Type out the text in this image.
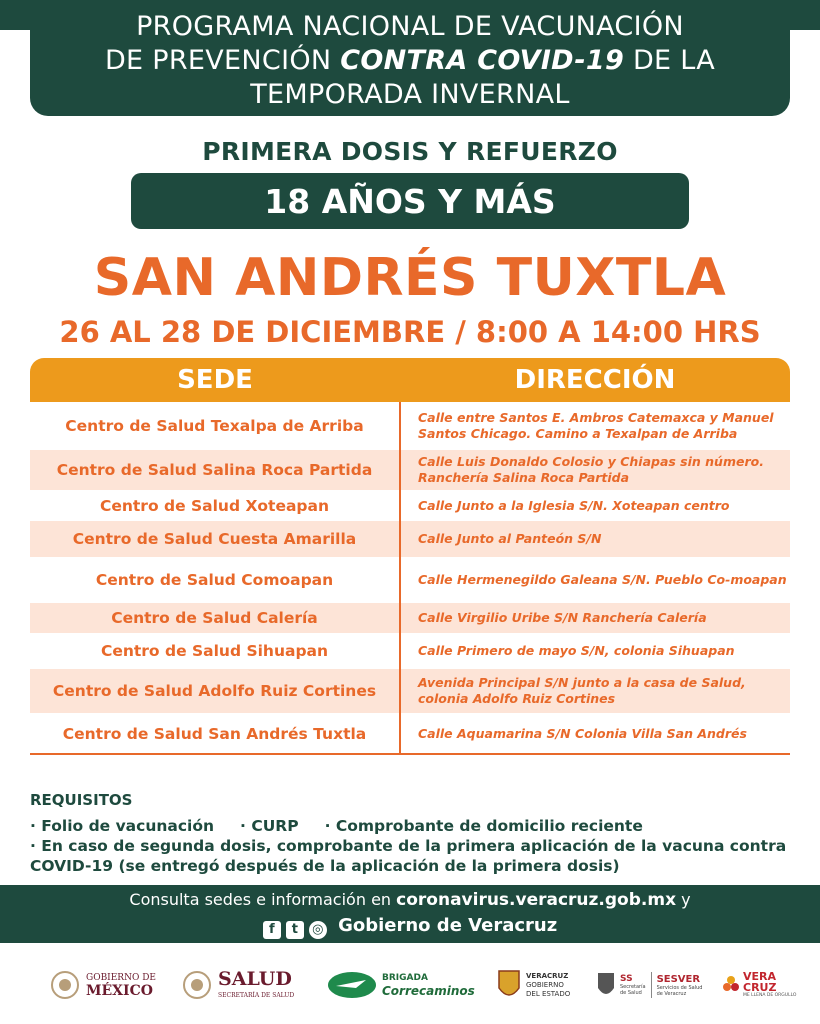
PROGRAMA NACIONAL DE VACUNACIÓN
DE PREVENCIÓN CONTRA COVID-19 DE LA
TEMPORADA INVERNAL
PRIMERA DOSIS Y REFUERZO
18 AÑOS Y MÁS
SAN ANDRÉS TUXTLA
26 AL 28 DE DICIEMBRE / 8:00 A 14:00 HRS
SEDE	DIRECCIÓN
Centro de Salud Texalpa de Arriba	Calle entre Santos E. Ambros Catemaxca y Manuel Santos Chicago. Camino a Texalpan de Arriba
Centro de Salud Salina Roca Partida	Calle Luis Donaldo Colosio y Chiapas sin número. Ranchería Salina Roca Partida
Centro de Salud Xoteapan	Calle Junto a la Iglesia S/N. Xoteapan centro
Centro de Salud Cuesta Amarilla	Calle Junto al Panteón S/N
Centro de Salud Comoapan	Calle Hermenegildo Galeana S/N. Pueblo Co-moapan
Centro de Salud Calería	Calle Virgilio Uribe S/N Ranchería Calería
Centro de Salud Sihuapan	Calle Primero de mayo S/N, colonia Sihuapan
Centro de Salud Adolfo Ruiz Cortines	Avenida Principal S/N junto a la casa de Salud, colonia Adolfo Ruiz Cortines
Centro de Salud San Andrés Tuxtla	Calle Aquamarina S/N Colonia Villa San Andrés
REQUISITOS
· Folio de vacunación · CURP · Comprobante de domicilio reciente
· En caso de segunda dosis, comprobante de la primera aplicación de la vacuna contra
COVID-19 (se entregó después de la aplicación de la primera dosis)
Consulta sedes e información en coronavirus.veracruz.gob.mx y
f t ◎ Gobierno de Veracruz
GOBIERNO DE
MÉXICO
SALUD
SECRETARÍA DE SALUD
BRIGADA
Correcaminos
VERACRUZ
GOBIERNO
DEL ESTADO
SS
Secretaría
de Salud
SESVER
Servicios de Salud
de Veracruz
VERA
CRUZ
ME LLENA DE ORGULLO
